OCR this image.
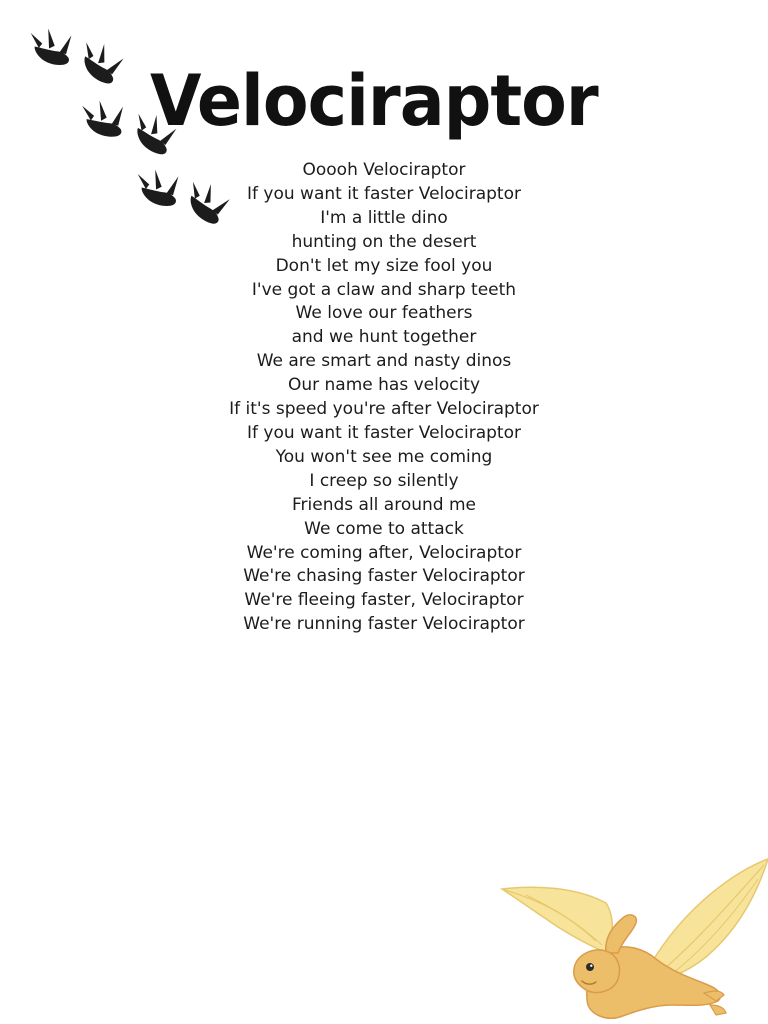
Velociraptor
Ooooh Velociraptor
If you want it faster Velociraptor
I'm a little dino
hunting on the desert
Don't let my size fool you
I've got a claw and sharp teeth
We love our feathers
and we hunt together
We are smart and nasty dinos
Our name has velocity
If it's speed you're after Velociraptor
If you want it faster Velociraptor
You won't see me coming
I creep so silently
Friends all around me
We come to attack
We're coming after, Velociraptor
We're chasing faster Velociraptor
We're fleeing faster, Velociraptor
We're running faster Velociraptor
